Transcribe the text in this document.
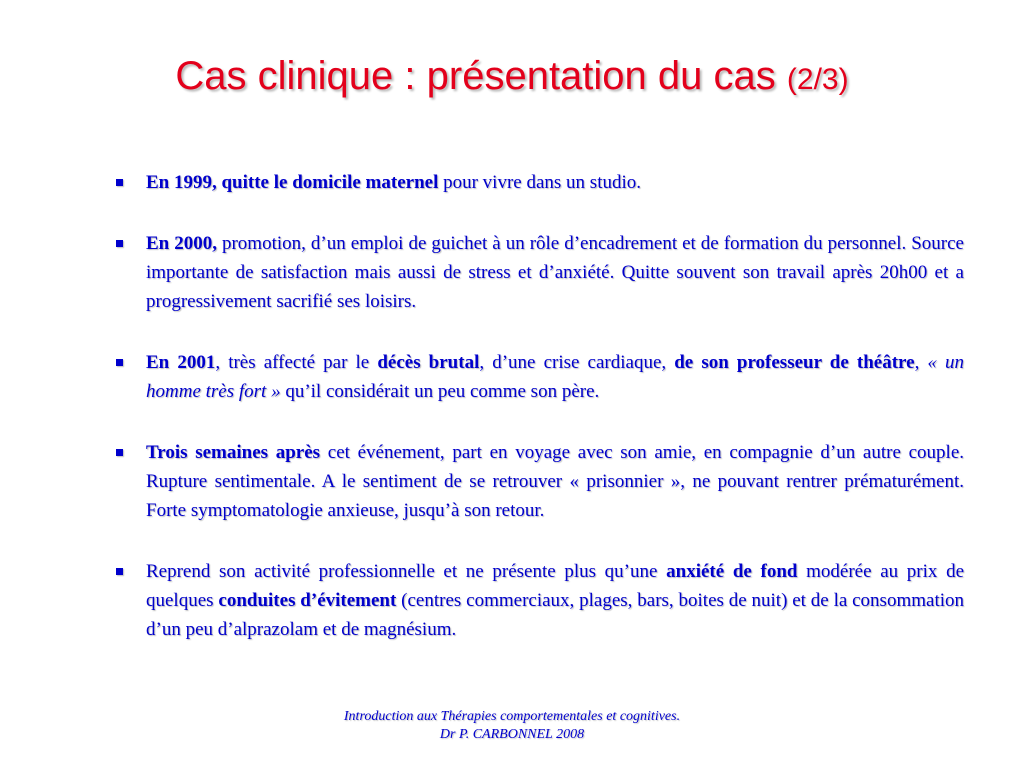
Cas clinique : présentation du cas (2/3)
En 1999, quitte le domicile maternel pour vivre dans un studio.
En 2000, promotion, d’un emploi de guichet à un rôle d’encadrement et de formation du personnel. Source importante de satisfaction mais aussi de stress et d’anxiété. Quitte souvent son travail après 20h00 et a progressivement sacrifié ses loisirs.
En 2001, très affecté par le décès brutal, d’une crise cardiaque, de son professeur de théâtre, « un homme très fort » qu’il considérait un peu comme son père.
Trois semaines après cet événement, part en voyage avec son amie, en compagnie d’un autre couple. Rupture sentimentale. A le sentiment de se retrouver « prisonnier », ne pouvant rentrer prématurément. Forte symptomatologie anxieuse, jusqu’à son retour.
Reprend son activité professionnelle et ne présente plus qu’une anxiété de fond modérée au prix de quelques conduites d’évitement (centres commerciaux, plages, bars, boites de nuit) et de la consommation d’un peu d’alprazolam et de magnésium.
Introduction aux Thérapies comportementales et cognitives.
Dr P. CARBONNEL 2008
